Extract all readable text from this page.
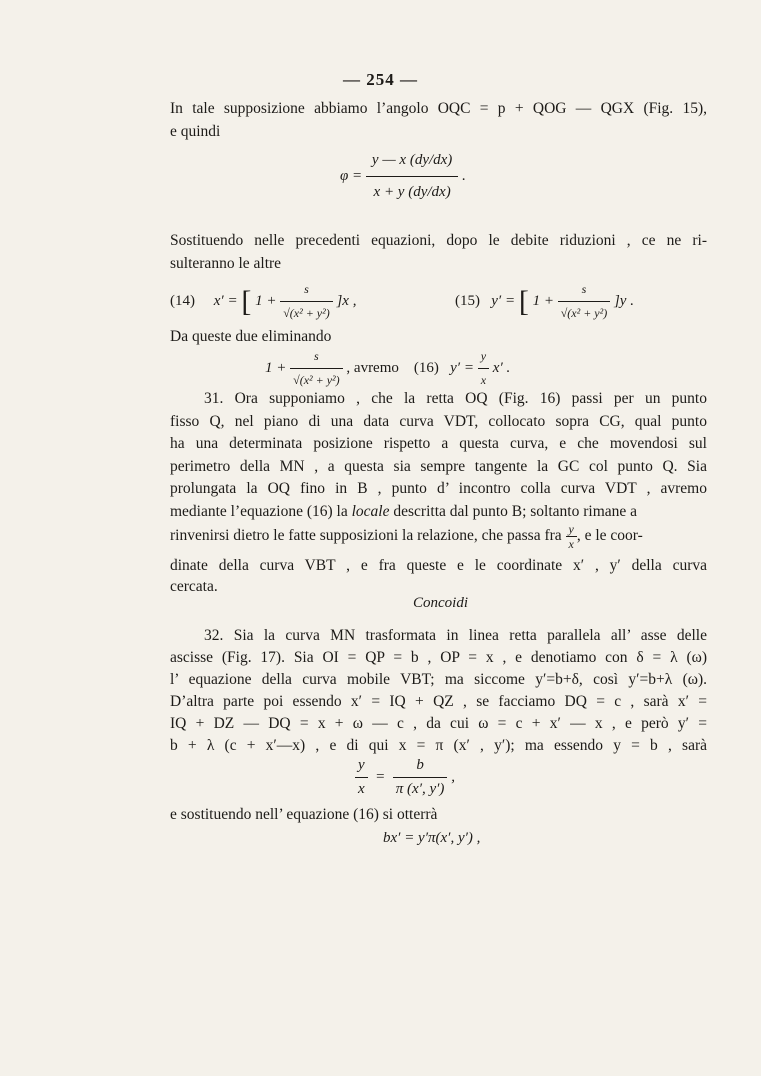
— 254 —
In tale supposizione abbiamo l’angolo OQC = p + QOG — QGX (Fig. 15),
e quindi
$\varphi = \frac{y — x (dy/dx)}{x + y (dy/dx)}$ .
Sostituendo nelle precedenti equazioni, dopo le debite riduzioni , ce ne ri-
sulteranno le altre
(14) x′ = [ $1 + \frac{s}{\text{√(x² + y²)}} ]x$ ,	(15) y′ = [ $1 + \frac{s}{\text{√(x² + y²)}} ]y$ .
Da queste due eliminando
$1 + \frac{s}{\text{√(x² + y²)}}$ , avremo (16) $y' = \frac{y}{x} x'$ .
31. Ora supponiamo , che la retta OQ (Fig. 16) passi per un punto
fisso Q, nel piano di una data curva VDT, collocato sopra CG, qual punto
ha una determinata posizione rispetto a questa curva, e che movendosi sul
perimetro della MN , a questa sia sempre tangente la GC col punto Q. Sia
prolungata la OQ fino in B , punto d’ incontro colla curva VDT , avremo
mediante l’equazione (16) la locale descritta dal punto B; soltanto rimane a
rinvenirsi dietro le fatte supposizioni la relazione, che passa fra $\frac{y}{x}$ , e le coor-
dinate della curva VBT , e fra queste e le coordinate x′ , y′ della curva
cercata.
Concoidi
32. Sia la curva MN trasformata in linea retta parallela all’ asse delle
ascisse (Fig. 17). Sia OI = QP = b , OP = x , e denotiamo con δ = λ (ω)
l’ equazione della curva mobile VBT; ma siccome y′=b+δ, così y′=b+λ (ω).
D’altra parte poi essendo x′ = IQ + QZ , se facciamo DQ = c , sarà x′ =
IQ + DZ — DQ = x + ω — c , da cui ω = c + x′ — x , e però y′ =
b + λ (c + x′—x) , e di qui x = π (x′ , y′); ma essendo y = b , sarà
$\frac{y}{x} = \frac{b}{\pi (x', y')}$ ,
e sostituendo nell’ equazione (16) si otterrà
bx′ = y′π(x′, y′) ,
